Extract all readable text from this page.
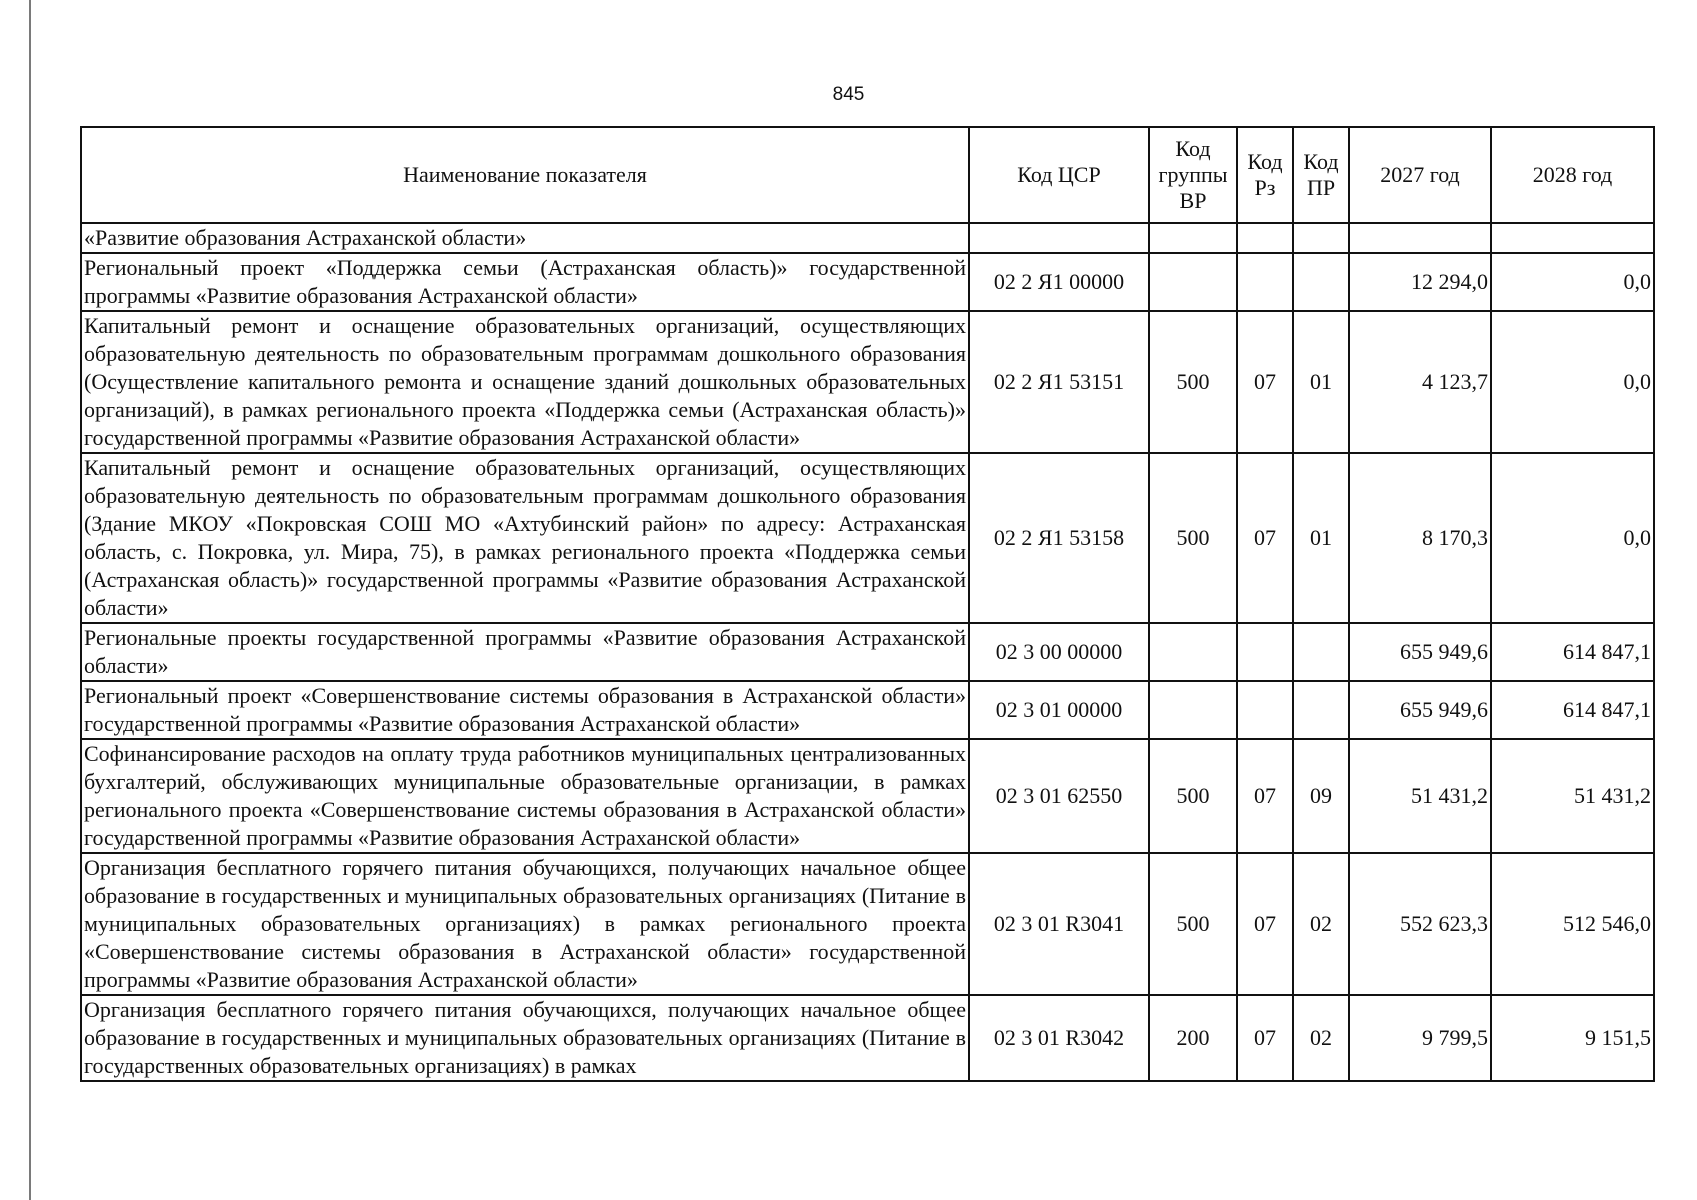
845
Наименование показателя	Код ЦСР	Код группы ВР	Код Рз	Код ПР	2027 год	2028 год
«Развитие образования Астраханской области»						
Региональный проект «Поддержка семьи (Астраханская область)» государственной программы «Развитие образования Астраханской области»	02 2 Я1 00000				12 294,0	0,0
Капитальный ремонт и оснащение образовательных организаций, осуществляющих образовательную деятельность по образовательным программам дошкольного образования (Осуществление капитального ремонта и оснащение зданий дошкольных образовательных организаций), в рамках регионального проекта «Поддержка семьи (Астраханская область)» государственной программы «Развитие образования Астраханской области»	02 2 Я1 53151	500	07	01	4 123,7	0,0
Капитальный ремонт и оснащение образовательных организаций, осуществляющих образовательную деятельность по образовательным программам дошкольного образования (Здание МКОУ «Покровская СОШ МО «Ахтубинский район» по адресу: Астраханская область, с. Покровка, ул. Мира, 75), в рамках регионального проекта «Поддержка семьи (Астраханская область)» государственной программы «Развитие образования Астраханской области»	02 2 Я1 53158	500	07	01	8 170,3	0,0
Региональные проекты государственной программы «Развитие образования Астраханской области»	02 3 00 00000				655 949,6	614 847,1
Региональный проект «Совершенствование системы образования в Астраханской области» государственной программы «Развитие образования Астраханской области»	02 3 01 00000				655 949,6	614 847,1
Софинансирование расходов на оплату труда работников муниципальных централизованных бухгалтерий, обслуживающих муниципальные образовательные организации, в рамках регионального проекта «Совершенствование системы образования в Астраханской области» государственной программы «Развитие образования Астраханской области»	02 3 01 62550	500	07	09	51 431,2	51 431,2
Организация бесплатного горячего питания обучающихся, получающих начальное общее образование в государственных и муниципальных образовательных организациях (Питание в муниципальных образовательных организациях) в рамках регионального проекта «Совершенствование системы образования в Астраханской области» государственной программы «Развитие образования Астраханской области»	02 3 01 R3041	500	07	02	552 623,3	512 546,0
Организация бесплатного горячего питания обучающихся, получающих начальное общее образование в государственных и муниципальных образовательных организациях (Питание в государственных образовательных организациях) в рамках	02 3 01 R3042	200	07	02	9 799,5	9 151,5
